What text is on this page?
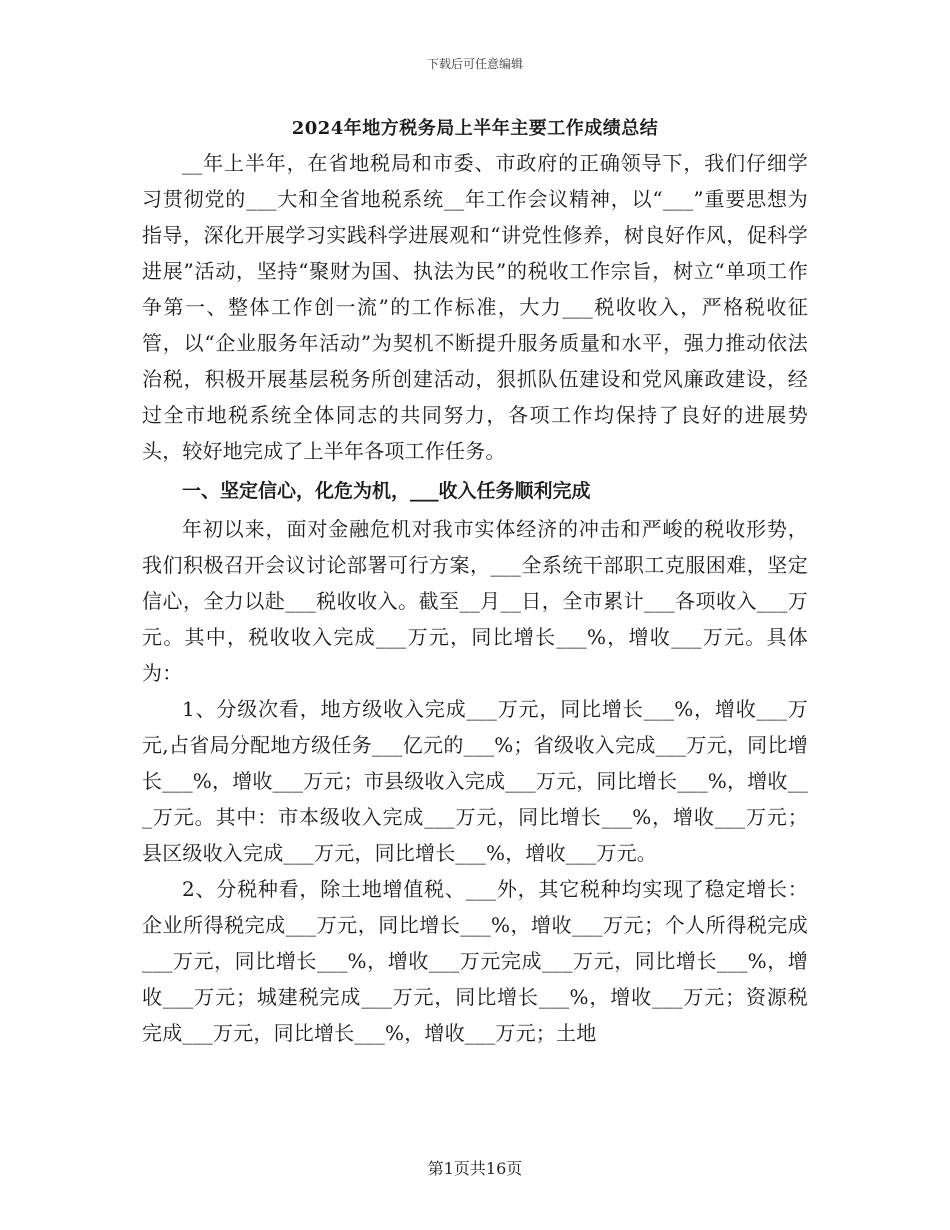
下载后可任意编辑
2024年地方税务局上半年主要工作成绩总结

__年上半年，在省地税局和市委、市政府的正确领导下，我们仔细学习贯彻党的___大和全省地税系统__年工作会议精神，以“___”重要思想为指导，深化开展学习实践科学进展观和“讲党性修养，树良好作风，促科学进展”活动，坚持“聚财为国、执法为民”的税收工作宗旨，树立“单项工作争第一、整体工作创一流”的工作标准，大力___税收收入，严格税收征管，以“企业服务年活动”为契机不断提升服务质量和水平，强力推动依法治税，积极开展基层税务所创建活动，狠抓队伍建设和党风廉政建设，经过全市地税系统全体同志的共同努力，各项工作均保持了良好的进展势头，较好地完成了上半年各项工作任务。

一、坚定信心，化危为机，___收入任务顺利完成

年初以来，面对金融危机对我市实体经济的冲击和严峻的税收形势，我们积极召开会议讨论部署可行方案，___全系统干部职工克服困难，坚定信心，全力以赴___税收收入。截至__月__日，全市累计___各项收入___万元。其中，税收收入完成___万元，同比增长___%，增收___万元。具体为：

1、分级次看，地方级收入完成___万元，同比增长___%，增收___万元,占省局分配地方级任务___亿元的___%；省级收入完成___万元，同比增长___%，增收___万元；市县级收入完成___万元，同比增长___%，增收___万元。其中：市本级收入完成___万元，同比增长___%，增收___万元；县区级收入完成___万元，同比增长___%，增收___万元。

2、分税种看，除土地增值税、___外，其它税种均实现了稳定增长：企业所得税完成___万元，同比增长___%，增收___万元；个人所得税完成___万元，同比增长___%，增收___万元完成___万元，同比增长___%，增收___万元；城建税完成___万元，同比增长___%，增收___万元；资源税完成___万元，同比增长___%，增收___万元；土地

第1页共16页
